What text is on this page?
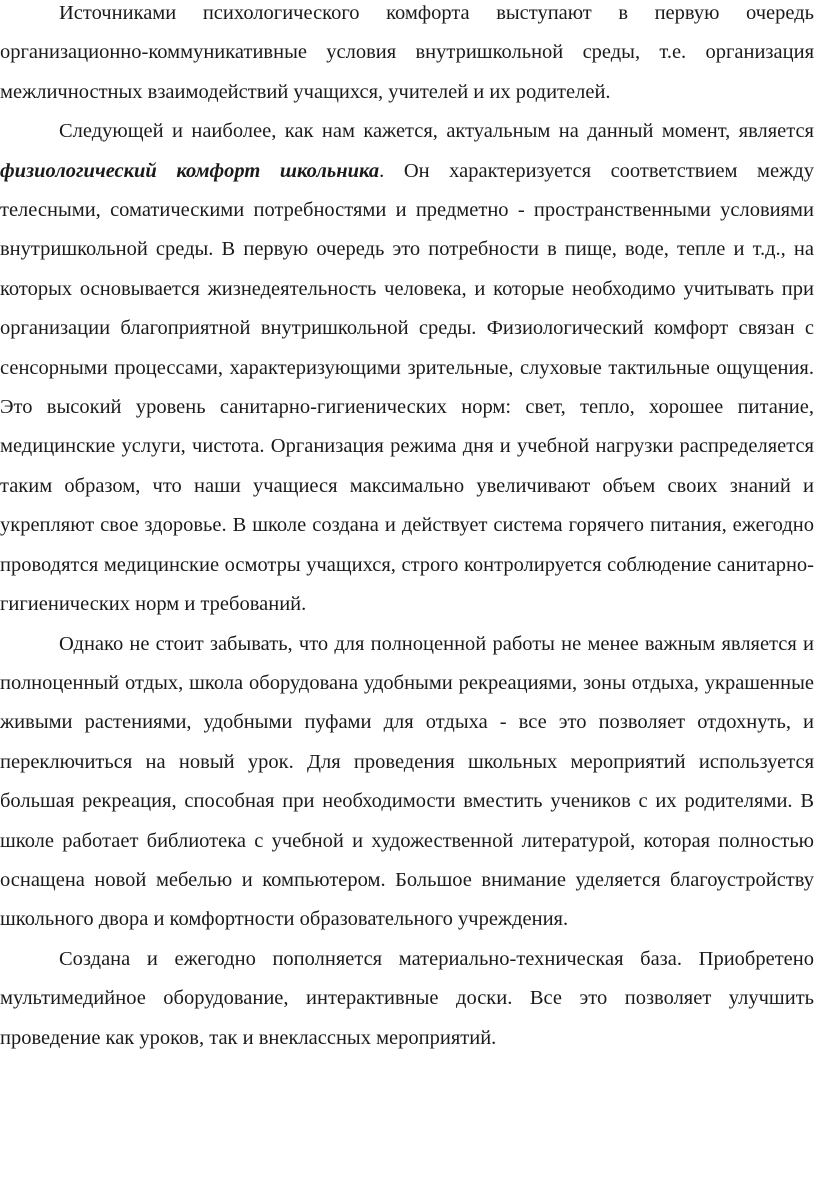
Источниками психологического комфорта выступают в первую очередь организационно-коммуникативные условия внутришкольной среды, т.е. организация межличностных взаимодействий учащихся, учителей и их родителей.

Следующей и наиболее, как нам кажется, актуальным на данный момент, является физиологический комфорт школьника. Он характеризуется соответствием между телесными, соматическими потребностями и предметно - пространственными условиями внутришкольной среды. В первую очередь это потребности в пище, воде, тепле и т.д., на которых основывается жизнедеятельность человека, и которые необходимо учитывать при организации благоприятной внутришкольной среды. Физиологический комфорт связан с сенсорными процессами, характеризующими зрительные, слуховые тактильные ощущения. Это высокий уровень санитарно-гигиенических норм: свет, тепло, хорошее питание, медицинские услуги, чистота. Организация режима дня и учебной нагрузки распределяется таким образом, что наши учащиеся максимально увеличивают объем своих знаний и укрепляют свое здоровье. В школе создана и действует система горячего питания, ежегодно проводятся медицинские осмотры учащихся, строго контролируется соблюдение санитарно-гигиенических норм и требований.

Однако не стоит забывать, что для полноценной работы не менее важным является и полноценный отдых, школа оборудована удобными рекреациями, зоны отдыха, украшенные живыми растениями, удобными пуфами для отдыха - все это позволяет отдохнуть, и переключиться на новый урок. Для проведения школьных мероприятий используется большая рекреация, способная при необходимости вместить учеников с их родителями. В школе работает библиотека с учебной и художественной литературой, которая полностью оснащена новой мебелью и компьютером. Большое внимание уделяется благоустройству школьного двора и комфортности образовательного учреждения.

Создана и ежегодно пополняется материально-техническая база. Приобретено мультимедийное оборудование, интерактивные доски. Все это позволяет улучшить проведение как уроков, так и внеклассных мероприятий.
